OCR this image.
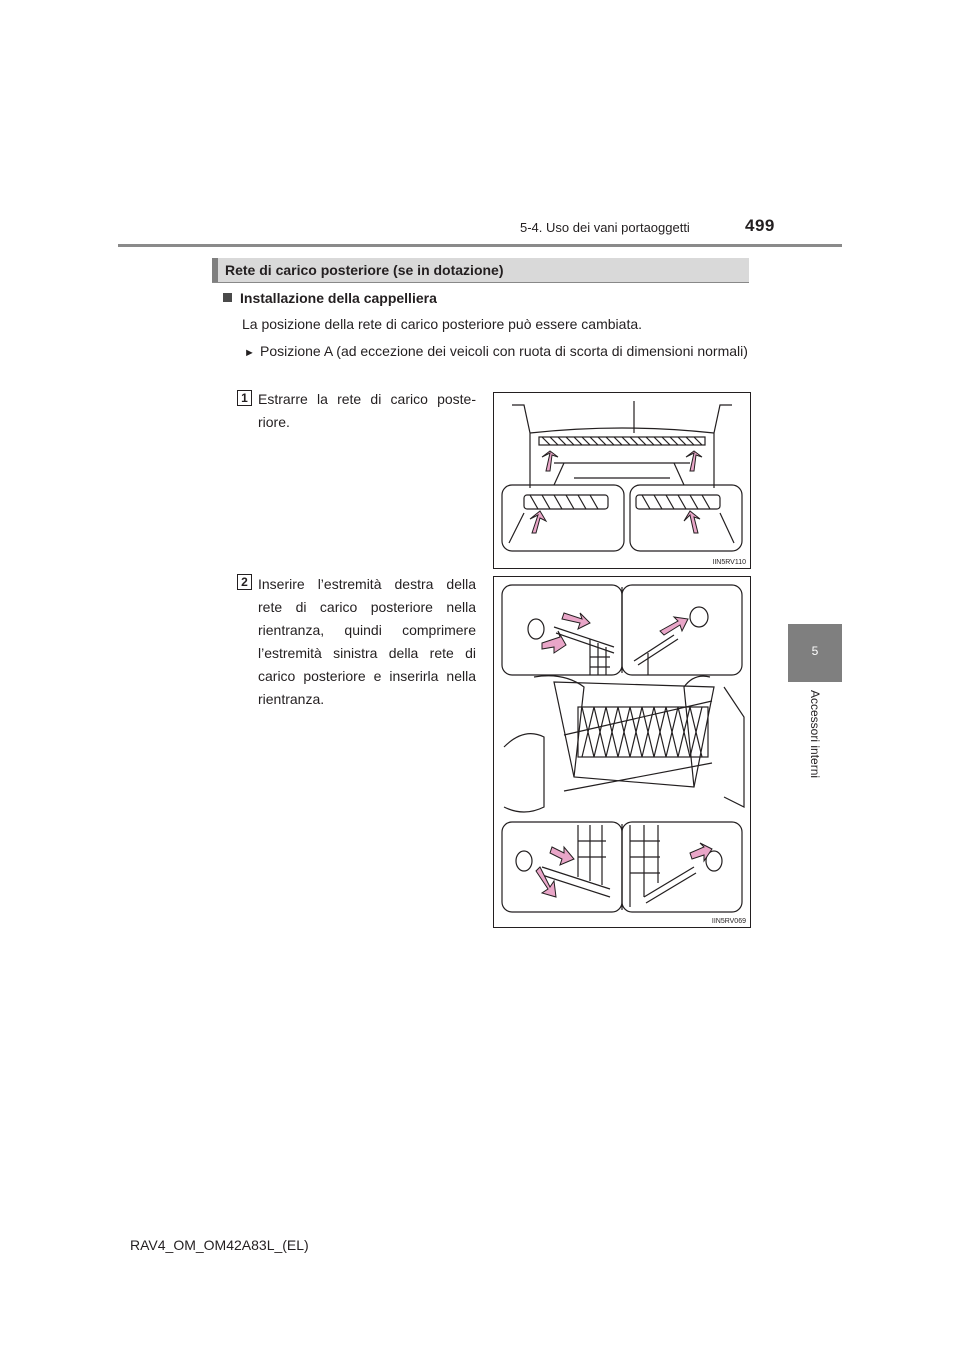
5-4. Uso dei vani portaoggetti	499
5
Accessori interni
Rete di carico posteriore (se in dotazione)
Installazione della cappelliera
La posizione della rete di carico posteriore può essere cambiata.
► Posizione A (ad eccezione dei veicoli con ruota di scorta di dimensioni normali)
1 Estrarre la rete di carico poste-riore.
IIN5RV110
2 Inserire l’estremità destra della rete di carico posteriore nella rientranza, quindi comprimere l’estremità sinistra della rete di carico posteriore e inserirla nella rientranza.
IIN5RV069
RAV4_OM_OM42A83L_(EL)
